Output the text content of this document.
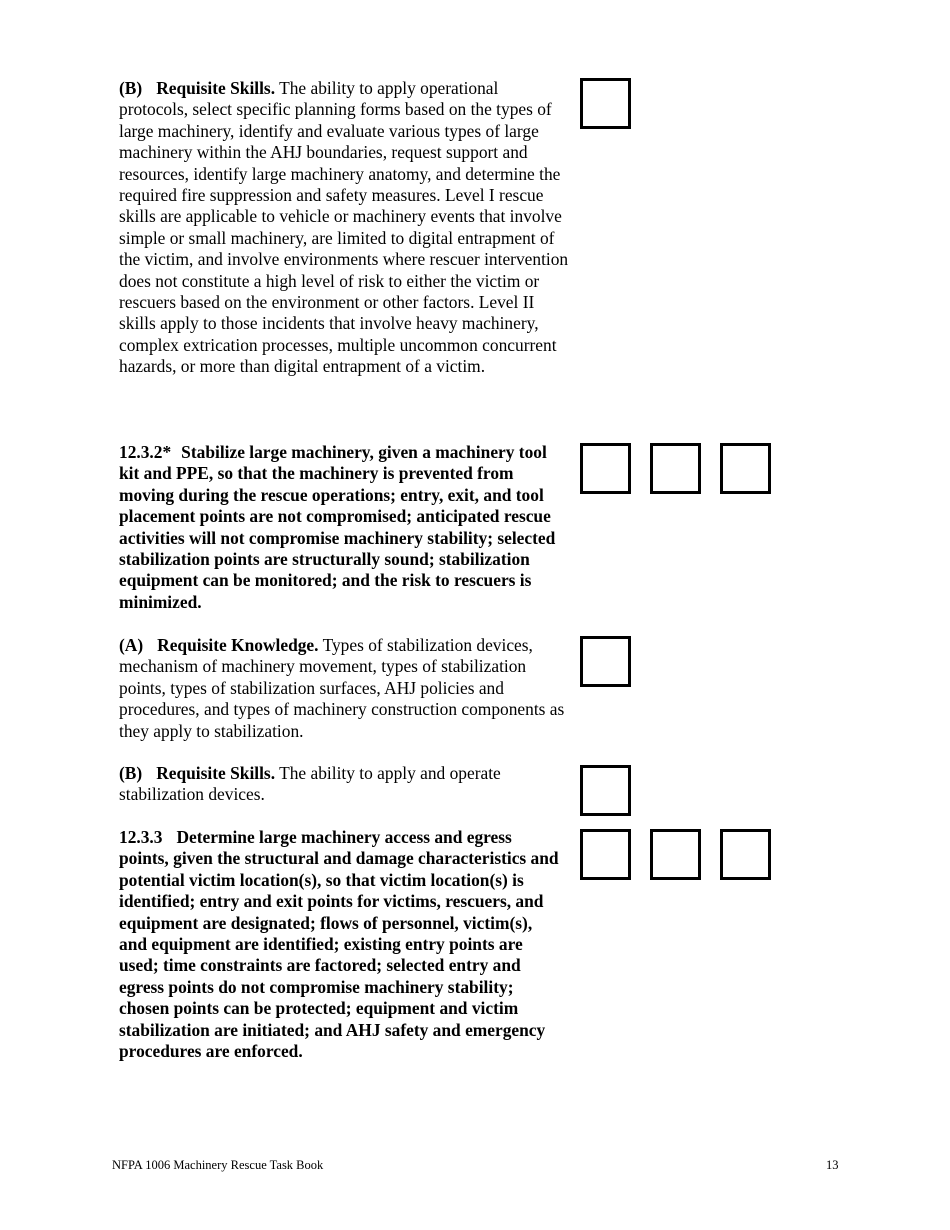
(B) Requisite Skills. The ability to apply operational protocols, select specific planning forms based on the types of large machinery, identify and evaluate various types of large machinery within the AHJ boundaries, request support and resources, identify large machinery anatomy, and determine the required fire suppression and safety measures. Level I rescue skills are applicable to vehicle or machinery events that involve simple or small machinery, are limited to digital entrapment of the victim, and involve environments where rescuer intervention does not constitute a high level of risk to either the victim or rescuers based on the environment or other factors. Level II skills apply to those incidents that involve heavy machinery, complex extrication processes, multiple uncommon concurrent hazards, or more than digital entrapment of a victim.

12.3.2* Stabilize large machinery, given a machinery tool kit and PPE, so that the machinery is prevented from moving during the rescue operations; entry, exit, and tool placement points are not compromised; anticipated rescue activities will not compromise machinery stability; selected stabilization points are structurally sound; stabilization equipment can be monitored; and the risk to rescuers is minimized.

(A) Requisite Knowledge. Types of stabilization devices, mechanism of machinery movement, types of stabilization points, types of stabilization surfaces, AHJ policies and procedures, and types of machinery construction components as they apply to stabilization.

(B) Requisite Skills. The ability to apply and operate stabilization devices.

12.3.3 Determine large machinery access and egress points, given the structural and damage characteristics and potential victim location(s), so that victim location(s) is identified; entry and exit points for victims, rescuers, and equipment are designated; flows of personnel, victim(s), and equipment are identified; existing entry points are used; time constraints are factored; selected entry and egress points do not compromise machinery stability; chosen points can be protected; equipment and victim stabilization are initiated; and AHJ safety and emergency procedures are enforced.

NFPA 1006 Machinery Rescue Task Book	13
